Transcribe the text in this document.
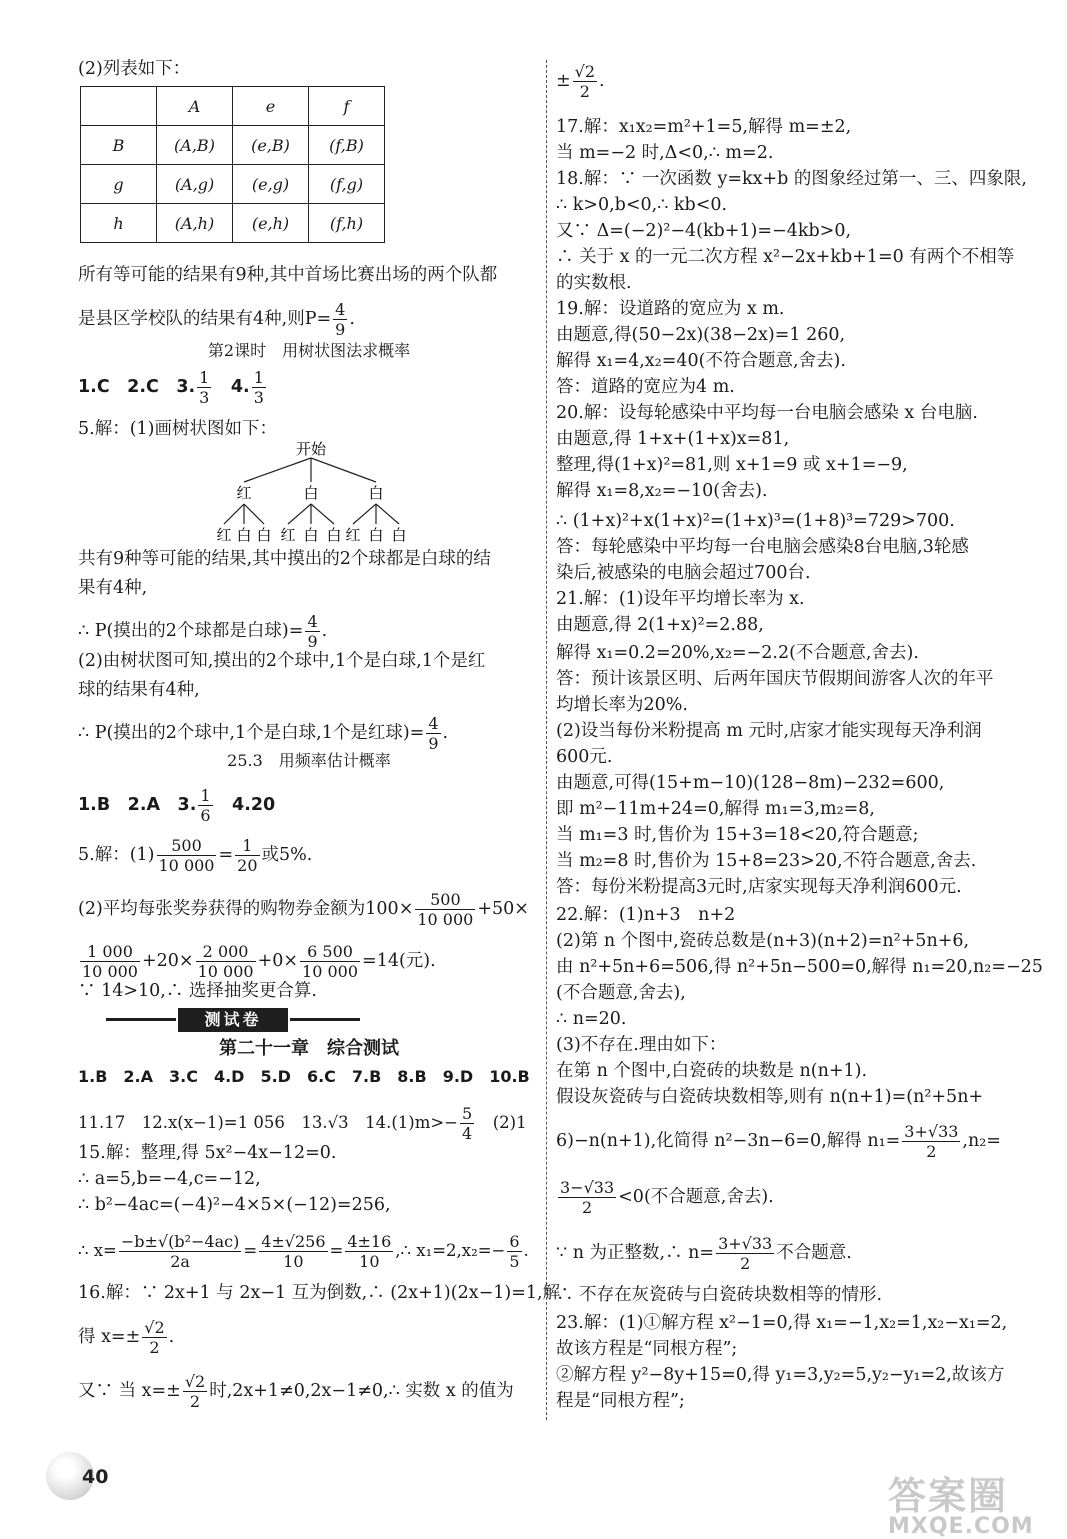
(2)列表如下：
所有等可能的结果有9种,其中首场比赛出场的两个队都
是县区学校队的结果有4种,则$P= \frac{4}{9}$ .
第2课时　用树状图法求概率
1.C　2.C　3. $\frac{1}{3}$ 　4. $\frac{1}{3}$
5.解：(1)画树状图如下：
开始
红	白	白
红 白 白 红 白 白 红 白 白
共有9种等可能的结果,其中摸出的2个球都是白球的结
果有4种,
∴ P(摸出的2个球都是白球)= $\frac{4}{9}$ .
(2)由树状图可知,摸出的2个球中,1个是白球,1个是红
球的结果有4种,
∴ P(摸出的2个球中,1个是白球,1个是红球)= $\frac{4}{9}$ .
25.3　用频率估计概率
1.B　2.A　3. $\frac{1}{6}$ 　4.20
5.解：$(1) \frac{500}{10 000} = \frac{1}{20}$ 或5%.
(2)平均每张奖券获得的购物券金额为$100\times \frac{500}{10 000} +50\times$
$\frac{1 000}{10 000} +20\times \frac{2 000}{10 000} +0\times \frac{6 500}{10 000} =14$(元).
∵ 14>10,∴ 选择抽奖更合算.
第二十一章　综合测试
1.B　2.A　3.C　4.D　5.D　6.C　7.B　8.B　9.D　10.B
11.17　12.x(x−1)=1 056　13.√3　$14.(1)m>- \frac{5}{4}$ 　(2)1
15.解：整理,得 5x²−4x−12=0.
∴ a=5,b=−4,c=−12,
∴ b²−4ac=(−4)²−4×5×(−12)=256,
∴ $x= \frac{\text{−b±√(b²−4ac)}}{2a} = \frac{4\pm√256}{10} = \frac{4\pm 16}{10}$ ,∴ $x_1=2,x_2=- \frac{6}{5}$ .
16.解：∵ 2x+1 与 2x−1 互为倒数,∴ (2x+1)(2x−1)=1,解
得 $x=\pm \frac{√2}{2}$ .
又∵ 当 $x=\pm \frac{√2}{2}$ 时,2x+1≠0,2x−1≠0,∴ 实数 x 的值为
	A	e	f
B	(A,B)	(e,B)	(f,B)
g	(A,g)	(e,g)	(f,g)
h	(A,h)	(e,h)	(f,h)
测试卷
± $\frac{√2}{2}$ .
17.解：x₁x₂=m²+1=5,解得 m=±2,
当 m=−2 时,Δ<0,∴ m=2.
18.解：∵ 一次函数 y=kx+b 的图象经过第一、三、四象限,
∴ k>0,b<0,∴ kb<0.
又∵ Δ=(−2)²−4(kb+1)=−4kb>0,
∴ 关于 x 的一元二次方程 x²−2x+kb+1=0 有两个不相等
的实数根.
19.解：设道路的宽应为 x m.
由题意,得(50−2x)(38−2x)=1 260,
解得 x₁=4,x₂=40(不符合题意,舍去).
答：道路的宽应为4 m.
20.解：设每轮感染中平均每一台电脑会感染 x 台电脑.
由题意,得 1+x+(1+x)x=81,
整理,得(1+x)²=81,则 x+1=9 或 x+1=−9,
解得 x₁=8,x₂=−10(舍去).
∴ (1+x)²+x(1+x)²=(1+x)³=(1+8)³=729>700.
答：每轮感染中平均每一台电脑会感染8台电脑,3轮感
染后,被感染的电脑会超过700台.
21.解：(1)设年平均增长率为 x.
由题意,得 2(1+x)²=2.88,
解得 x₁=0.2=20%,x₂=−2.2(不合题意,舍去).
答：预计该景区明、后两年国庆节假期间游客人次的年平
均增长率为20%.
(2)设当每份米粉提高 m 元时,店家才能实现每天净利润
600元.
由题意,可得(15+m−10)(128−8m)−232=600,
即 m²−11m+24=0,解得 m₁=3,m₂=8,
当 m₁=3 时,售价为 15+3=18<20,符合题意;
当 m₂=8 时,售价为 15+8=23>20,不符合题意,舍去.
答：每份米粉提高3元时,店家实现每天净利润600元.
22.解：(1)n+3　n+2
(2)第 n 个图中,瓷砖总数是(n+3)(n+2)=n²+5n+6,
由 n²+5n+6=506,得 n²+5n−500=0,解得 n₁=20,n₂=−25
(不合题意,舍去),
∴ n=20.
(3)不存在.理由如下：
在第 n 个图中,白瓷砖的块数是 n(n+1).
假设灰瓷砖与白瓷砖块数相等,则有 n(n+1)=(n²+5n+
6)−n(n+1),化简得 n²−3n−6=0,解得 $n_1= \frac{3+√33}{2} ,n_2=$
$\frac{3-√33}{2} <0$(不合题意,舍去).
∵ n 为正整数,∴ $n= \frac{3+√33}{2}$ 不合题意.
∴ 不存在灰瓷砖与白瓷砖块数相等的情形.
23.解：(1)①解方程 x²−1=0,得 x₁=−1,x₂=1,x₂−x₁=2,
故该方程是“同根方程”;
②解方程 y²−8y+15=0,得 y₁=3,y₂=5,y₂−y₁=2,故该方
程是“同根方程”;
40	答案圈
MXQE.COM
